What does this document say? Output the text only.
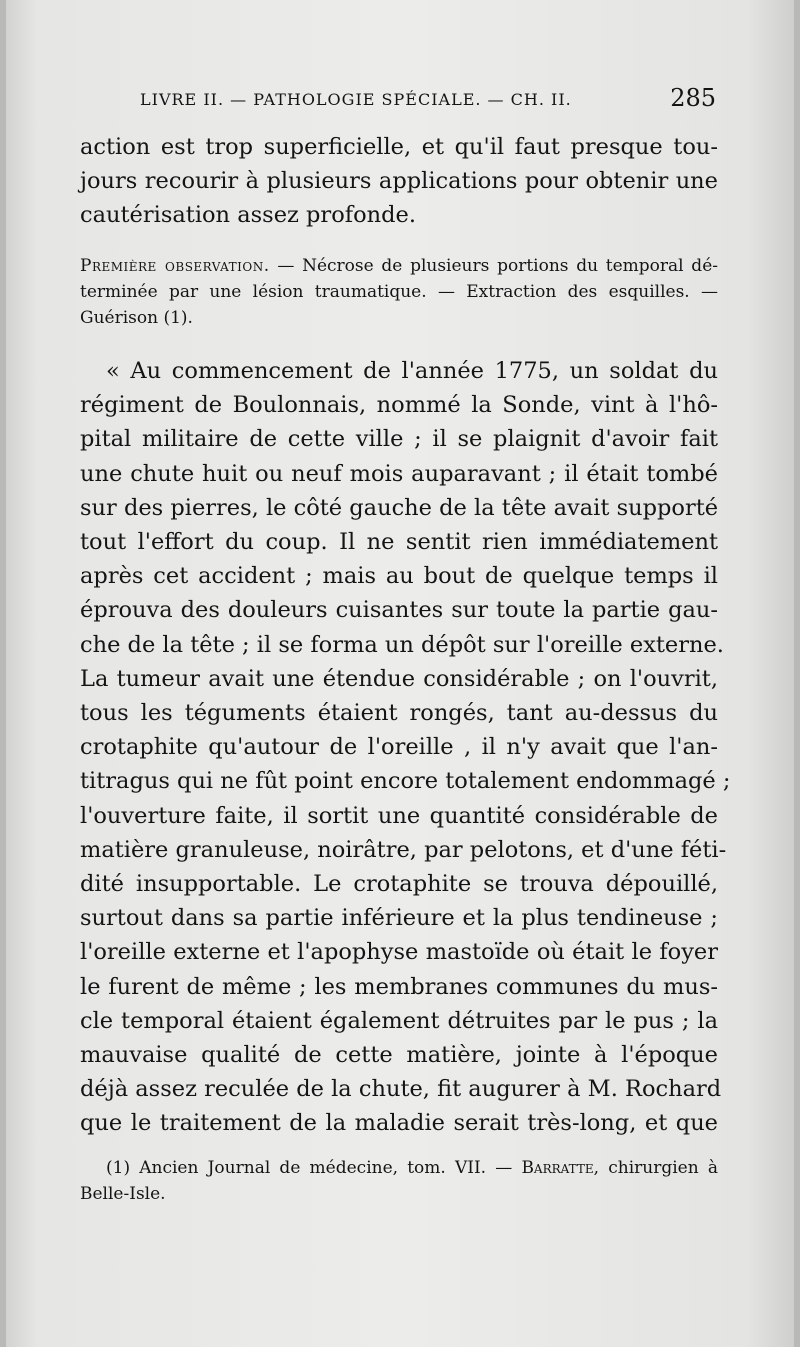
LIVRE II. — PATHOLOGIE SPÉCIALE. — CH. II.	285
action est trop superficielle, et qu'il faut presque tou-
jours recourir à plusieurs applications pour obtenir une
cautérisation assez profonde.
Première observation. — Nécrose de plusieurs portions du temporal dé-
terminée par une lésion traumatique. — Extraction des esquilles. —
Guérison (1).
« Au commencement de l'année 1775, un soldat du
régiment de Boulonnais, nommé la Sonde, vint à l'hô-
pital militaire de cette ville ; il se plaignit d'avoir fait
une chute huit ou neuf mois auparavant ; il était tombé
sur des pierres, le côté gauche de la tête avait supporté
tout l'effort du coup. Il ne sentit rien immédiatement
après cet accident ; mais au bout de quelque temps il
éprouva des douleurs cuisantes sur toute la partie gau-
che de la tête ; il se forma un dépôt sur l'oreille externe.
La tumeur avait une étendue considérable ; on l'ouvrit,
tous les téguments étaient rongés, tant au-dessus du
crotaphite qu'autour de l'oreille , il n'y avait que l'an-
titragus qui ne fût point encore totalement endommagé ;
l'ouverture faite, il sortit une quantité considérable de
matière granuleuse, noirâtre, par pelotons, et d'une féti-
dité insupportable. Le crotaphite se trouva dépouillé,
surtout dans sa partie inférieure et la plus tendineuse ;
l'oreille externe et l'apophyse mastoïde où était le foyer
le furent de même ; les membranes communes du mus-
cle temporal étaient également détruites par le pus ; la
mauvaise qualité de cette matière, jointe à l'époque
déjà assez reculée de la chute, fit augurer à M. Rochard
que le traitement de la maladie serait très-long, et que
(1) Ancien Journal de médecine, tom. VII. — Barratte, chirurgien à
Belle-Isle.
